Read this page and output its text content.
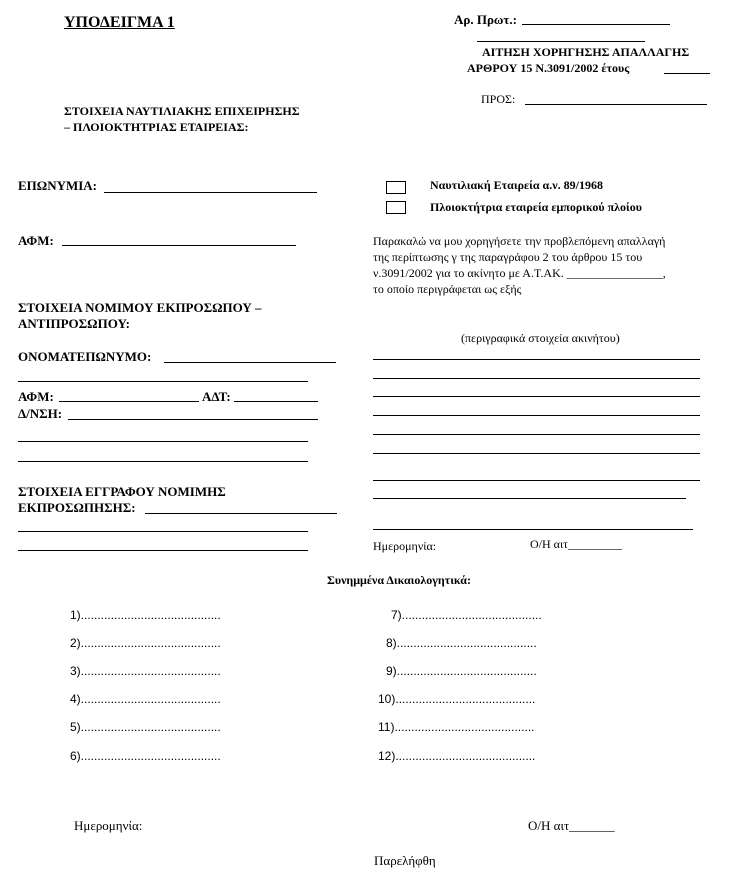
ΥΠΟΔΕΙΓΜΑ 1	Αρ. Πρωτ.:
ΑΙΤΗΣΗ ΧΟΡΗΓΗΣΗΣ ΑΠΑΛΛΑΓΗΣ
ΑΡΘΡΟΥ 15 Ν.3091/2002 έτους
ΠΡΟΣ:
ΣΤΟΙΧΕΙΑ ΝΑΥΤΙΛΙΑΚΗΣ ΕΠΙΧΕΙΡΗΣΗΣ
– ΠΛΟΙΟΚΤΗΤΡΙΑΣ ΕΤΑΙΡΕΙΑΣ:
ΕΠΩΝΥΜΙΑ:
ΑΦΜ:
Ναυτιλιακή Εταιρεία α.ν. 89/1968
Πλοιοκτήτρια εταιρεία εμπορικού πλοίου
Παρακαλώ να μου χορηγήσετε την προβλεπόμενη απαλλαγή
της περίπτωσης γ της παραγράφου 2 του άρθρου 15 του
ν.3091/2002 για το ακίνητο με Α.Τ.ΑΚ. ________________,
το οποίο περιγράφεται ως εξής
(περιγραφικά στοιχεία ακινήτου)
ΣΤΟΙΧΕΙΑ ΝΟΜΙΜΟΥ ΕΚΠΡΟΣΩΠΟΥ –
ΑΝΤΙΠΡΟΣΩΠΟΥ:
ΟΝΟΜΑΤΕΠΩΝΥΜΟ:
ΑΦΜ:	ΑΔΤ:
Δ/ΝΣΗ:
ΣΤΟΙΧΕΙΑ ΕΓΓΡΑΦΟΥ ΝΟΜΙΜΗΣ
ΕΚΠΡΟΣΩΠΗΣΗΣ:
Ημερομηνία:	Ο/Η αιτ_________
Συνημμένα Δικαιολογητικά:
1)..........................................
2)..........................................
3)..........................................
4)..........................................
5)..........................................
6)..........................................
7)..........................................
8)..........................................
9)..........................................
10)..........................................
11)..........................................
12)..........................................
Ημερομηνία:	Ο/Η αιτ_______
Παρελήφθη
